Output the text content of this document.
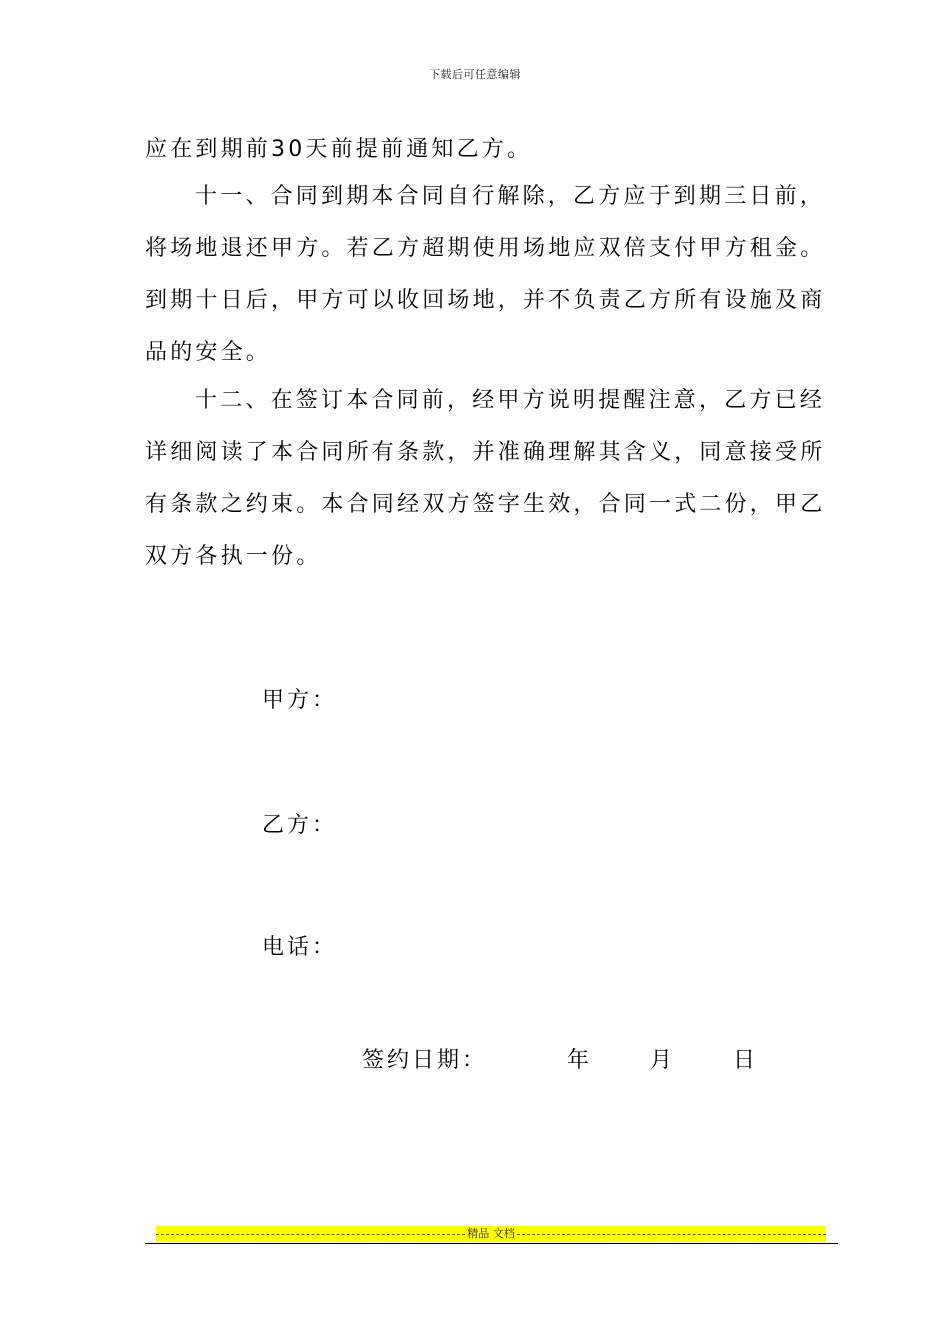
下载后可任意编辑
应在到期前30天前提前通知乙方。
十一、合同到期本合同自行解除，乙方应于到期三日前，将场地退还甲方。若乙方超期使用场地应双倍支付甲方租金。到期十日后，甲方可以收回场地，并不负责乙方所有设施及商品的安全。
十二、在签订本合同前，经甲方说明提醒注意，乙方已经详细阅读了本合同所有条款，并准确理解其含义，同意接受所有条款之约束。本合同经双方签字生效，合同一式二份，甲乙双方各执一份。
甲方：
乙方：
电话：
签约日期：	年	月	日
精品 文档
